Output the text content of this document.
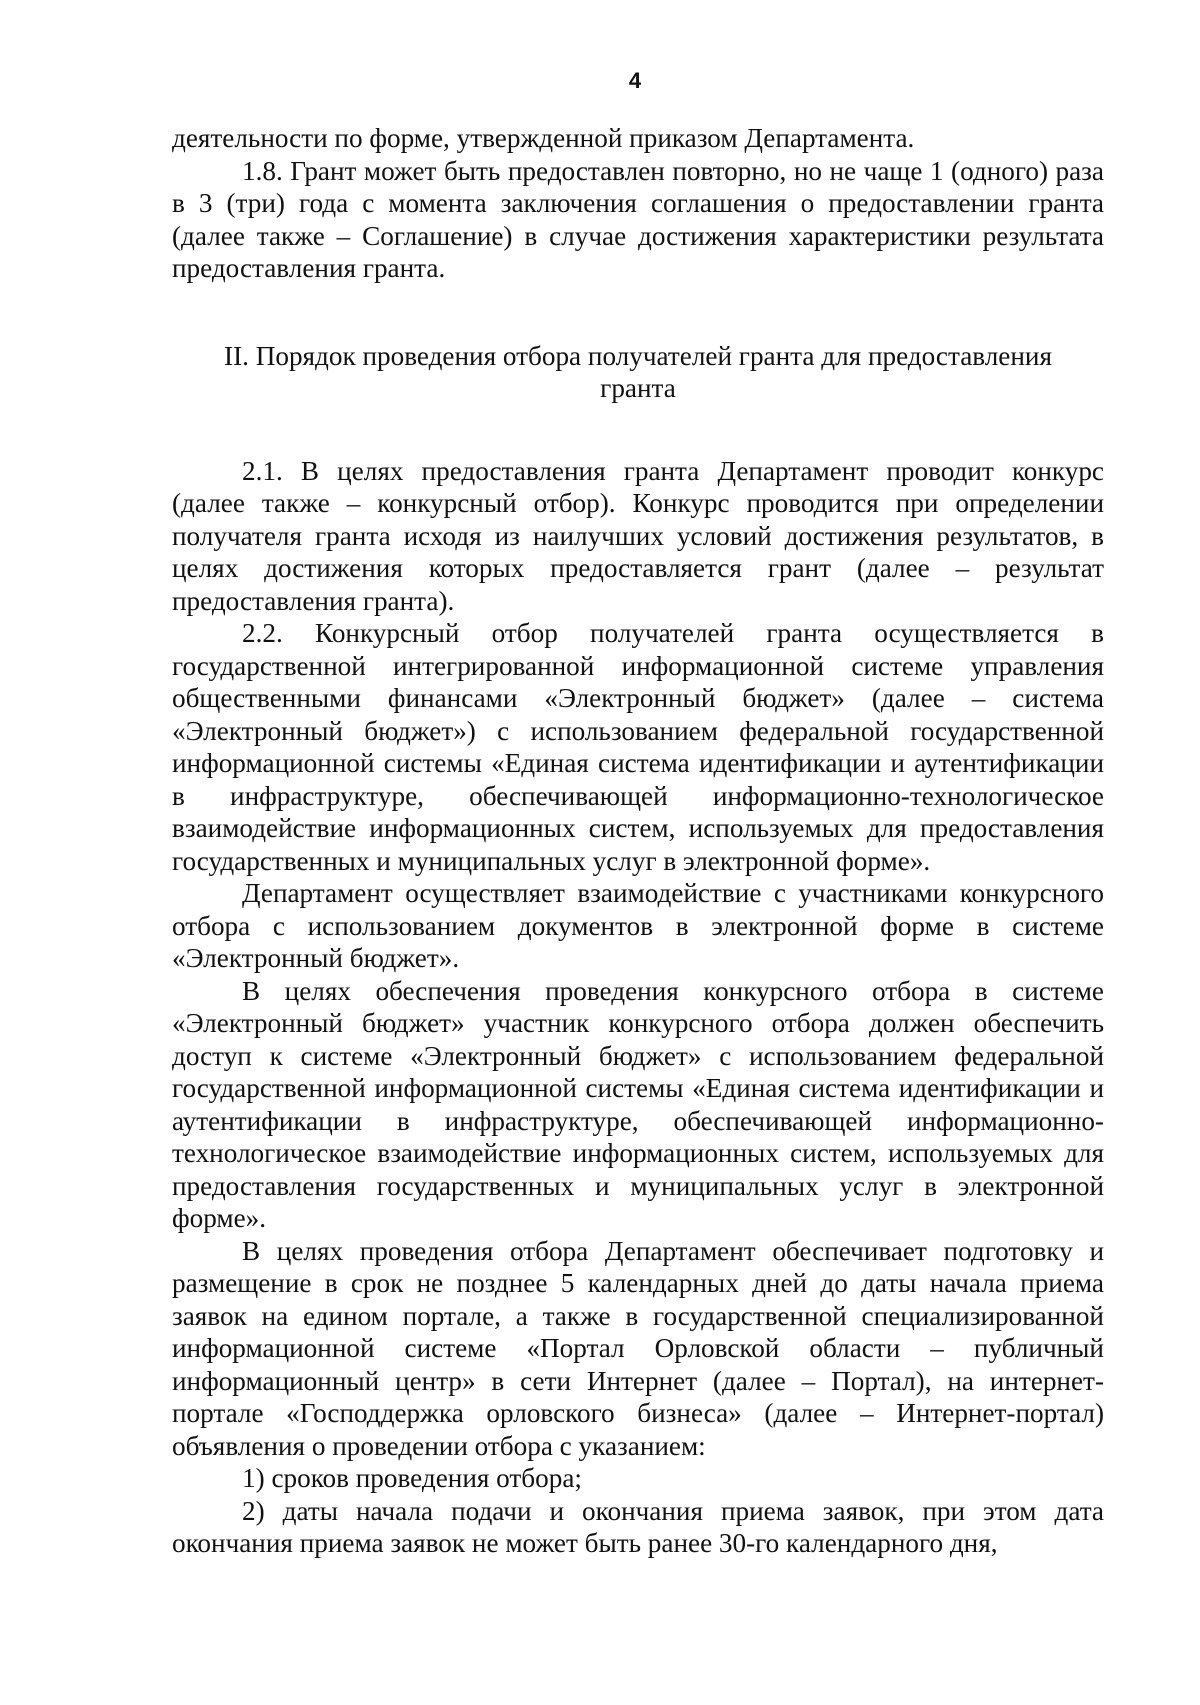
4

деятельности по форме, утвержденной приказом Департамента.

1.8. Грант может быть предоставлен повторно, но не чаще 1 (одного) раза в 3 (три) года с момента заключения соглашения о предоставлении гранта (далее также – Соглашение) в случае достижения характеристики результата предоставления гранта.

II. Порядок проведения отбора получателей гранта для предоставления гранта

2.1. В целях предоставления гранта Департамент проводит конкурс (далее также – конкурсный отбор). Конкурс проводится при определении получателя гранта исходя из наилучших условий достижения результатов, в целях достижения которых предоставляется грант (далее – результат предоставления гранта).

2.2. Конкурсный отбор получателей гранта осуществляется в государственной интегрированной информационной системе управления общественными финансами «Электронный бюджет» (далее – система «Электронный бюджет») с использованием федеральной государственной информационной системы «Единая система идентификации и аутентификации в инфраструктуре, обеспечивающей информационно-технологическое взаимодействие информационных систем, используемых для предоставления государственных и муниципальных услуг в электронной форме».

Департамент осуществляет взаимодействие с участниками конкурсного отбора с использованием документов в электронной форме в системе «Электронный бюджет».

В целях обеспечения проведения конкурсного отбора в системе «Электронный бюджет» участник конкурсного отбора должен обеспечить доступ к системе «Электронный бюджет» с использованием федеральной государственной информационной системы «Единая система идентификации и аутентификации в инфраструктуре, обеспечивающей информационно-технологическое взаимодействие информационных систем, используемых для предоставления государственных и муниципальных услуг в электронной форме».

В целях проведения отбора Департамент обеспечивает подготовку и размещение в срок не позднее 5 календарных дней до даты начала приема заявок на едином портале, а также в государственной специализированной информационной системе «Портал Орловской области – публичный информационный центр» в сети Интернет (далее – Портал), на интернет-портале «Господдержка орловского бизнеса» (далее – Интернет-портал) объявления о проведении отбора с указанием:

1) сроков проведения отбора;

2) даты начала подачи и окончания приема заявок, при этом дата окончания приема заявок не может быть ранее 30-го календарного дня,
